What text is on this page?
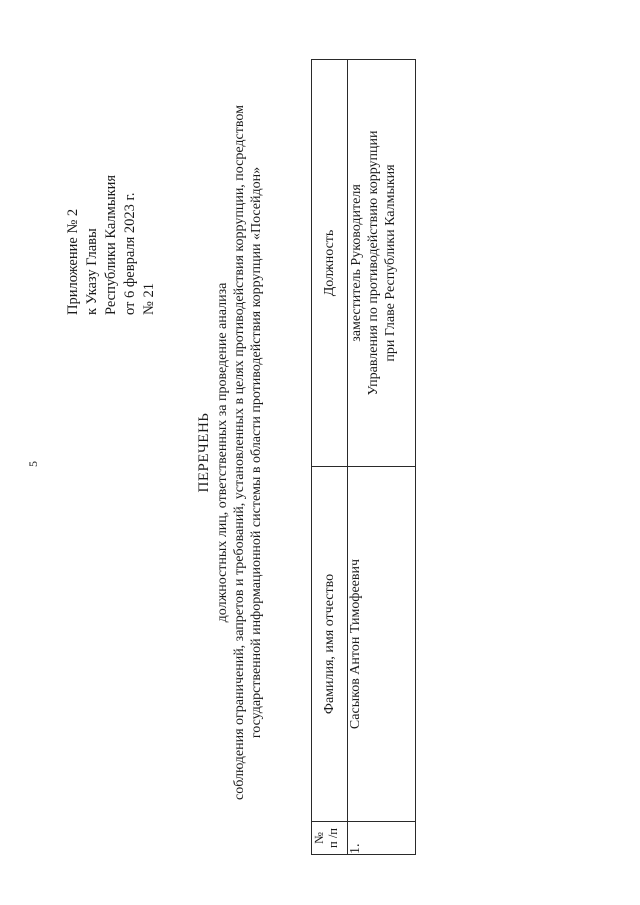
5
Приложение № 2 к Указу Главы Республики Калмыкия от 6 февраля 2023 г. № 21
ПЕРЕЧЕНЬ должностных лиц, ответственных за проведение анализа соблюдения ограничений, запретов и требований, установленных в целях противодействия коррупции, посредством государственной информационной системы в области противодействия коррупции «Посейдон»
№ п /п	Фамилия, имя отчество	Должность
1.	Сасыков Антон Тимофеевич	заместитель Руководителя Управления по противодействию коррупции при Главе Республики Калмыкия
